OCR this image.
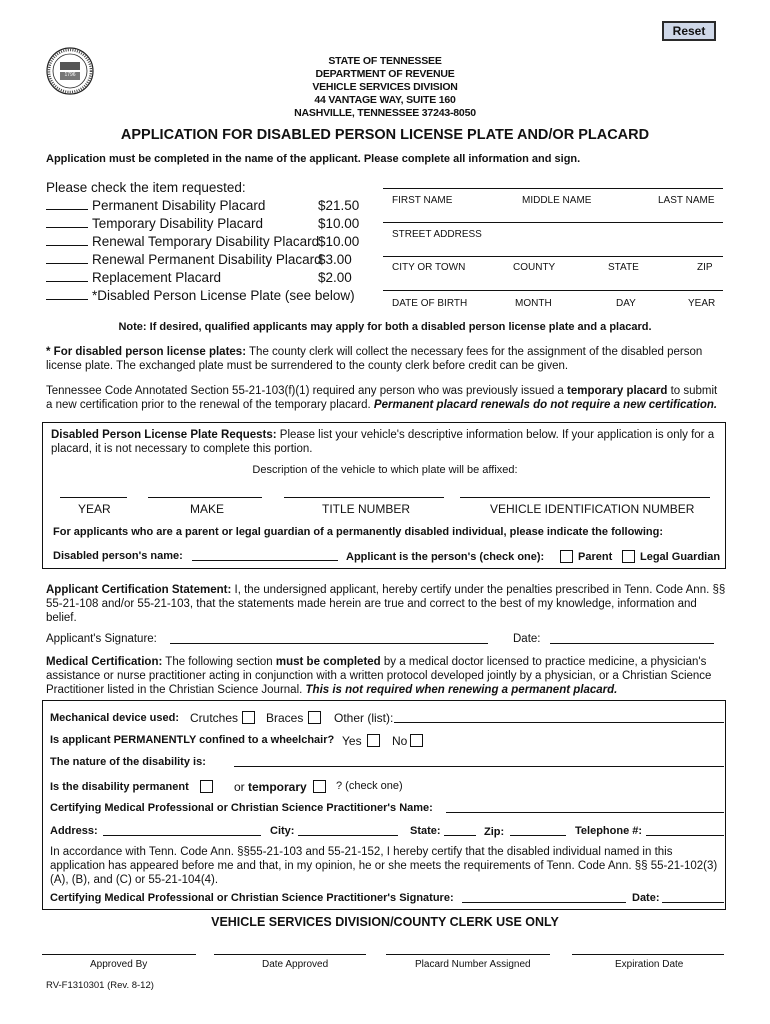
Reset
1796
STATE OF TENNESSEE
DEPARTMENT OF REVENUE
VEHICLE SERVICES DIVISION
44 VANTAGE WAY, SUITE 160
NASHVILLE, TENNESSEE 37243-8050
APPLICATION FOR DISABLED PERSON LICENSE PLATE AND/OR PLACARD
Application must be completed in the name of the applicant. Please complete all information and sign.
Please check the item requested:
Permanent Disability Placard	$21.50
Temporary Disability Placard	$10.00
Renewal Temporary Disability Placard
$10.00
Renewal Permanent Disability Placard
$3.00
Replacement Placard	$2.00
*Disabled Person License Plate (see below)
FIRST NAME	MIDDLE NAME	LAST NAME
STREET ADDRESS
CITY OR TOWN	COUNTY	STATE	ZIP
DATE OF BIRTH	MONTH	DAY	YEAR
Note: If desired, qualified applicants may apply for both a disabled person license plate and a placard.
* For disabled person license plates: The county clerk will collect the necessary fees for the assignment of the disabled person license plate. The exchanged plate must be surrendered to the county clerk before credit can be given.
Tennessee Code Annotated Section 55-21-103(f)(1) required any person who was previously issued a temporary placard to submit a new certification prior to the renewal of the temporary placard. Permanent placard renewals do not require a new certification.
Disabled Person License Plate Requests: Please list your vehicle's descriptive information below. If your application is only for a placard, it is not necessary to complete this portion.
Description of the vehicle to which plate will be affixed:
YEAR	MAKE	TITLE NUMBER	VEHICLE IDENTIFICATION NUMBER
For applicants who are a parent or legal guardian of a permanently disabled individual, please indicate the following:
Disabled person's name:	Applicant is the person's (check one):	Parent	Legal Guardian
Applicant Certification Statement: I, the undersigned applicant, hereby certify under the penalties prescribed in Tenn. Code Ann. §§ 55-21-108 and/or 55-21-103, that the statements made herein are true and correct to the best of my knowledge, information and belief.
Applicant's Signature:	Date:
Medical Certification: The following section must be completed by a medical doctor licensed to practice medicine, a physician's assistance or nurse practitioner acting in conjunction with a written protocol developed jointly by a physician, or a Christian Science Practitioner listed in the Christian Science Journal. This is not required when renewing a permanent placard.
Mechanical device used: Crutches Braces	Other (list):
Is applicant PERMANENTLY confined to a wheelchair? Yes	No
The nature of the disability is:
Is the disability permanent	or temporary	? (check one)
Certifying Medical Professional or Christian Science Practitioner's Name:
Address:	City:	State:	Zip:	Telephone #:
In accordance with Tenn. Code Ann. §§55-21-103 and 55-21-152, I hereby certify that the disabled individual named in this application has appeared before me and that, in my opinion, he or she meets the requirements of Tenn. Code Ann. §§ 55-21-102(3)(A), (B), and (C) or 55-21-104(4).
Certifying Medical Professional or Christian Science Practitioner's Signature:	Date:
VEHICLE SERVICES DIVISION/COUNTY CLERK USE ONLY
Approved By	Date Approved	Placard Number Assigned	Expiration Date
RV-F1310301 (Rev. 8-12)
